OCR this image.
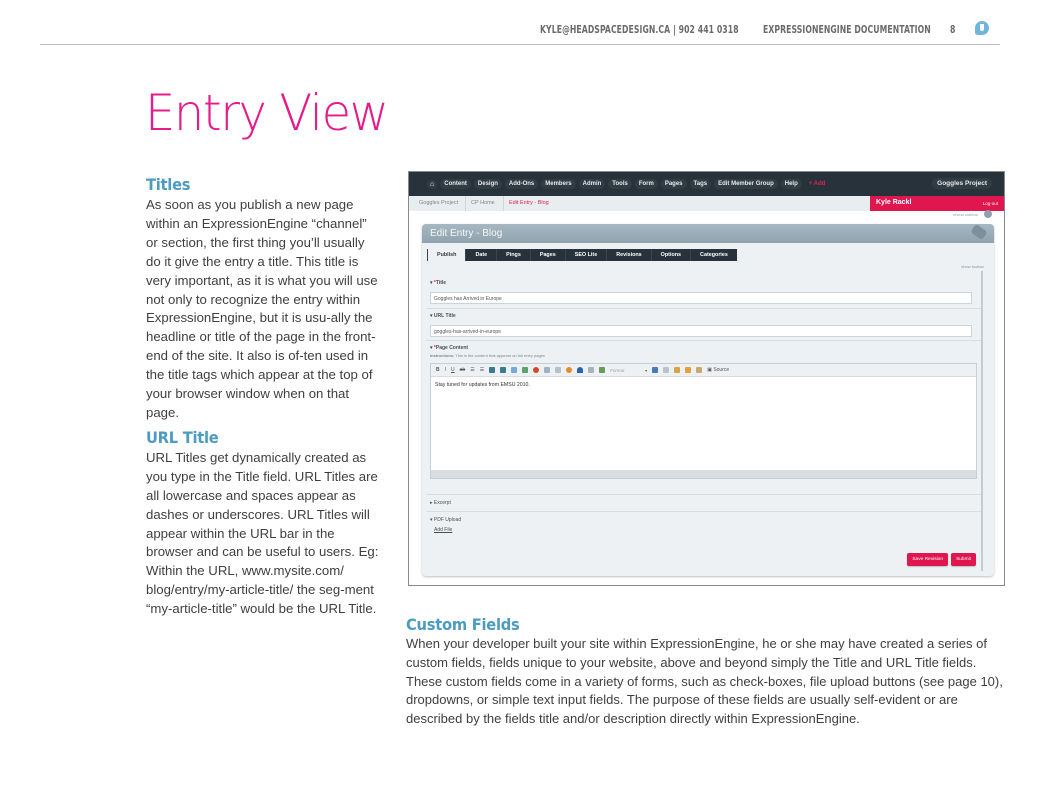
KYLE@HEADSPACEDESIGN.CA | 902 441 0318 EXPRESSIONENGINE DOCUMENTATION 8
Entry View
Titles

As soon as you publish a new page within an ExpressionEngine “channel” or section, the first thing you’ll usually do it give the entry a title. This title is very important, as it is what you will use not only to recognize the entry within ExpressionEngine, but it is usu-ally the headline or title of the page in the front-end of the site. It also is of-ten used in the title tags which appear at the top of your browser window when on that page.

URL Title

URL Titles get dynamically created as you type in the Title field. URL Titles are all lowercase and spaces appear as dashes or underscores. URL Titles will appear within the URL bar in the browser and can be useful to users. Eg: Within the URL, www.mysite.com/ blog/entry/my-article-title/ the seg-ment “my-article-title” would be the URL Title.

⌂	Content	Design	Add-Ons	Members	Admin	Tools	Form	Pages	Tags	Edit Member Group	Help	+ Add	Goggles Project
Goggles Project CP Home	Edit Entry - Blog	Kyle Rackl	Log-out
reveal sidebar
Edit Entry - Blog
Publish	Date	Pings	Pages	SEO Lite	Revisions	Options	Categories
show toolbar
▾ *Title
Goggles has Arrived in Europe
▾ URL Title
goggles-has-arrived-in-europe
▾ *Page Content
Instructions: This is the content that appears on full entry pages
B I U ab ☰ ☰	Format	▾	▣ Source
Stay tuned for updates from EMSU 2010.
▸ Excerpt
▾ PDF Upload
Add File
Save Revision	Submit
Custom Fields

When your developer built your site within ExpressionEngine, he or she may have created a series of custom fields, fields unique to your website, above and beyond simply the Title and URL Title fields. These custom fields come in a variety of forms, such as check-boxes, file upload buttons (see page 10), dropdowns, or simple text input fields. The purpose of these fields are usually self-evident or are described by the fields title and/or description directly within ExpressionEngine.
